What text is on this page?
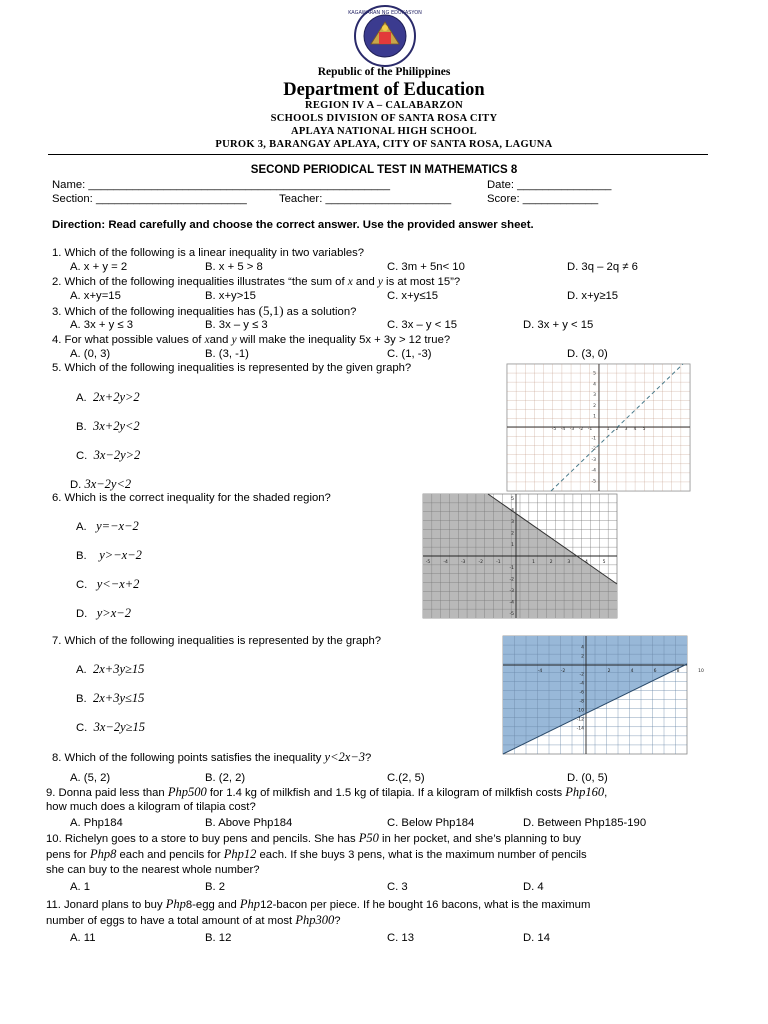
KAGAWARAN NG EDUKASYON
Republic of the Philippines
Department of Education
REGION IV A – CALABARZON
SCHOOLS DIVISION OF SANTA ROSA CITY
APLAYA NATIONAL HIGH SCHOOL
PUROK 3, BARANGAY APLAYA, CITY OF SANTA ROSA, LAGUNA
SECOND PERIODICAL TEST IN MATHEMATICS 8
Name: ________________________________________________	Date: _______________
Section: ________________________	Teacher: ____________________	Score: ____________
Direction: Read carefully and choose the correct answer. Use the provided answer sheet.
1. Which of the following is a linear inequality in two variables?
A. x + y = 2	B. x + 5 > 8	C. 3m + 5n< 10	D. 3q – 2q ≠ 6
2. Which of the following inequalities illustrates “the sum of x and y is at most 15”?
A. x+y=15	B. x+y>15	C. x+y≤15	D. x+y≥15
3. Which of the following inequalities has (5,1) as a solution?
A. 3x + y ≤ 3	B. 3x – y ≤ 3	C. 3x – y < 15	D. 3x + y < 15
4. For what possible values of xand y will make the inequality 5x + 3y > 12 true?
A. (0, 3)	B. (3, -1)	C. (1, -3)	D. (3, 0)
5. Which of the following inequalities is represented by the given graph?
A. 2x+2y>2
B. 3x+2y<2
C. 3x−2y>2
D. 3x−2y<2
-5 -4 -3 -2 -1	1 2 3 4 5
5
4
3
2
1
-1
-2
-3
-4
-5
6. Which is the correct inequality for the shaded region?
A. y=−x−2
B. y>−x−2
C. y<−x+2
D. y>x−2
-5	-4	-3	-2	-1	1	2	3	4	5
5
4
3
2
1
-1
-2
-3
-4
-5
7. Which of the following inequalities is represented by the graph?
A. 2x+3y≥15
B. 2x+3y≤15
C. 3x−2y≥15
-4	-2	2	4	6	8	10
4
2
-2
-4
-6
-8
-10
-12
-14
8. Which of the following points satisfies the inequality y<2x−3?
A. (5, 2)	B. (2, 2)	C.(2, 5)	D. (0, 5)
9. Donna paid less than Php500 for 1.4 kg of milkfish and 1.5 kg of tilapia. If a kilogram of milkfish costs Php160,
how much does a kilogram of tilapia cost?
A. Php184	B. Above Php184	C. Below Php184	D. Between Php185-190
10. Richelyn goes to a store to buy pens and pencils. She has P50 in her pocket, and she’s planning to buy
pens for Php8 each and pencils for Php12 each. If she buys 3 pens, what is the maximum number of pencils
she can buy to the nearest whole number?
A. 1	B. 2	C. 3	D. 4
11. Jonard plans to buy Php8-egg and Php12-bacon per piece. If he bought 16 bacons, what is the maximum
number of eggs to have a total amount of at most Php300?
A. 11	B. 12	C. 13	D. 14
